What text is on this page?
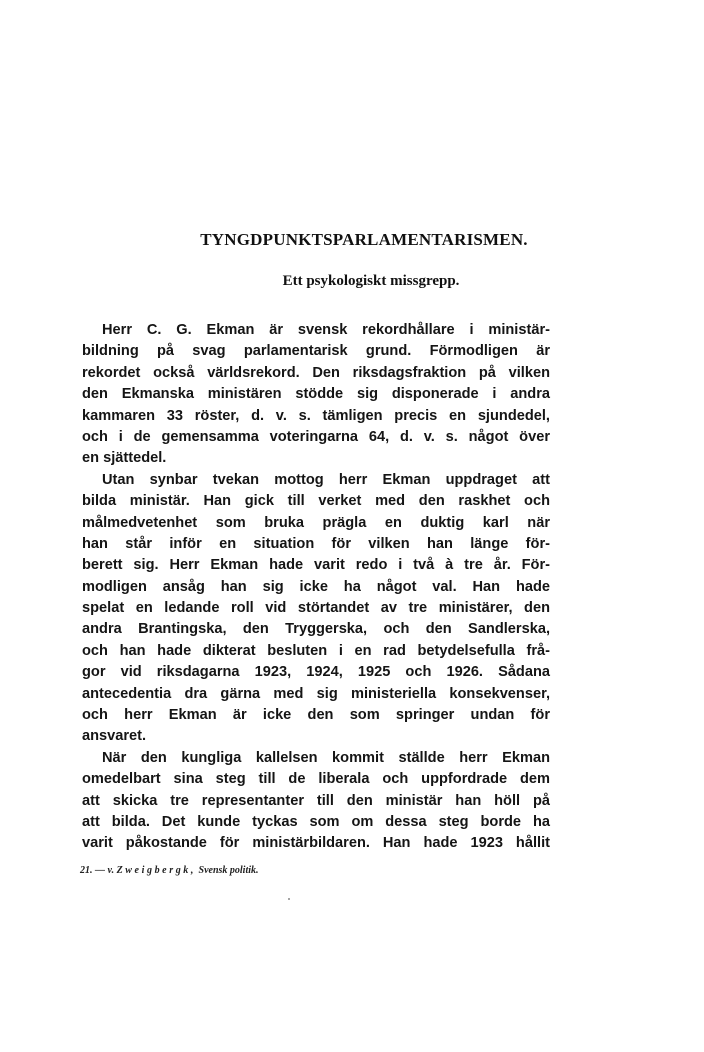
TYNGDPUNKTSPARLAMENTARISMEN.
Ett psykologiskt missgrepp.
Herr C. G. Ekman är svensk rekordhållare i ministär-
bildning på svag parlamentarisk grund. Förmodligen är
rekordet också världsrekord. Den riksdagsfraktion på vilken
den Ekmanska ministären stödde sig disponerade i andra
kammaren 33 röster, d. v. s. tämligen precis en sjundedel,
och i de gemensamma voteringarna 64, d. v. s. något över
en sjättedel.
Utan synbar tvekan mottog herr Ekman uppdraget att
bilda ministär. Han gick till verket med den raskhet och
målmedvetenhet som bruka prägla en duktig karl när
han står inför en situation för vilken han länge för-
berett sig. Herr Ekman hade varit redo i två à tre år. För-
modligen ansåg han sig icke ha något val. Han hade
spelat en ledande roll vid störtandet av tre ministärer, den
andra Brantingska, den Tryggerska, och den Sandlerska,
och han hade dikterat besluten i en rad betydelsefulla frå-
gor vid riksdagarna 1923, 1924, 1925 och 1926. Sådana
antecedentia dra gärna med sig ministeriella konsekvenser,
och herr Ekman är icke den som springer undan för
ansvaret.
När den kungliga kallelsen kommit ställde herr Ekman
omedelbart sina steg till de liberala och uppfordrade dem
att skicka tre representanter till den ministär han höll på
att bilda. Det kunde tyckas som om dessa steg borde ha
varit påkostande för ministärbildaren. Han hade 1923 hållit
21. — v. Zweigbergk, Svensk politik.
